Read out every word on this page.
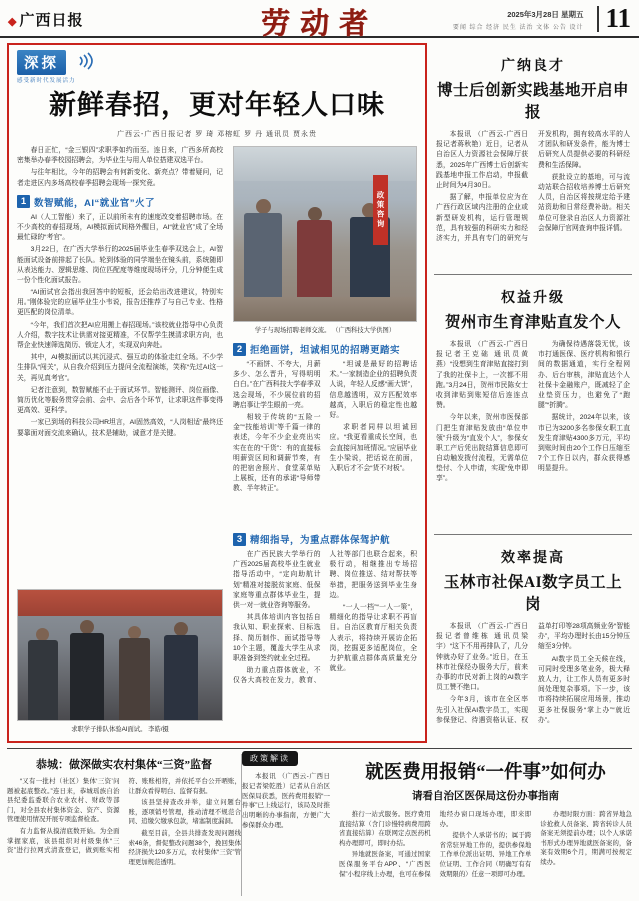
◆ 广西日报	劳动者	2025年3月28日 星期五
要闻 综合 经济 民生 法治 文体 公告 设计 11
深探
感受新时代发展活力
新鲜春招，更对年轻人口味
广西云-广西日报记者 罗 琦 邓榕虹 罗 丹 通讯员 贾永贵

春日正忙，“金三银四”求职季如约而至。连日来，广西多所高校密集举办春季校园招聘会，为毕业生与用人单位搭建双选平台。

与往年相比，今年的招聘会有何新变化、新亮点？带着疑问，记者走进区内多场高校春季招聘会现场一探究竟。

1 数智赋能，AI“就业官”火了

AI（人工智能）来了，正以前所未有的速度改变着招聘市场。在不少高校的春招现场，AI模拟面试间格外醒目，AI“就业官”成了全场最忙碌的“考官”。

3月22日，在广西大学举行的2025届毕业生春季双选会上，AI智能面试设备前排起了长队。轮到体验的同学端坐在镜头前，系统随即从表达能力、逻辑思维、岗位匹配度等维度现场评分，几分钟便生成一份个性化面试报告。

“AI面试官会指出我回答中的短板，还会给出改进建议，特别实用。”刚体验完的应届毕业生小韦说，报告还推荐了与自己专业、性格更匹配的岗位清单。

“今年，我们首次把AI应用搬上春招现场。”该校就业指导中心负责人介绍，数字技术让供需对接更精准，不仅帮学生摸清求职方向，也帮企业快速筛选简历、锁定人才，实现双向奔赴。

其中，AI模拟面试以其沉浸式、强互动的体验走红全场。不少学生排队“闯关”，从自我介绍到压力提问全流程演练，笑称“先过AI这一关，再见真考官”。

记者注意到，数智赋能不止于面试环节。智能测评、岗位画像、简历优化等服务贯穿会前、会中、会后各个环节，让求职这件事变得更高效、更科学。

一家已到场的科技公司HR坦言，AI固然高效，“人岗相适”最终还要靠面对面交流来确认，技术是辅助，诚意才是关键。

求职学子排队体验AI面试。 李皓/摄
政策咨询
学子与现场招聘老师交流。 （广西科技大学供图）
2 拒绝画饼，坦诚相见的招聘更踏实

“不画饼、不夸大，月薪多少、怎么晋升，写得明明白白。”在广西科技大学春季双选会现场，不少展位前的招聘启事让学生眼前一亮。

相较于传统的“五险一金”“技能培训”等千篇一律的表述，今年不少企业亮出实实在在的“干货”：有的直接标明薪资区间和调薪节奏，有的把宿舍照片、食堂菜单贴上展板，还有的承诺“导师带教、半年转正”。

“坦诚是最好的招聘话术。”一家制造企业的招聘负责人说，年轻人反感“画大饼”，信息越透明，双方匹配效率越高，入职后的稳定性也越好。

求职者同样以坦诚回应。“我更看重成长空间，也会直接问加班情况。”应届毕业生小梁说，把话说在前面，入职后才不会“货不对板”。

3 精细指导，为重点群体保驾护航

在广西民族大学举行的广西2025届高校毕业生就业指导活动中，“定向助航计划”精准对接脱贫家庭、低保家庭等重点群体毕业生，提供一对一就业咨询等服务。

其具体培训内容包括自我认知、职业探索、目标选择、简历制作、面试指导等10个主题，覆盖大学生从求职准备到签约就业全过程。

助力重点群体就业，不仅各大高校在发力，教育、人社等部门也联合起来，积极行动，相继推出专场招聘、岗位推送、结对帮扶等举措，把服务送到毕业生身边。

“一人一档”“一人一策”，精细化的指导让求职不再盲目。自治区教育厅相关负责人表示，将持续开展访企拓岗，挖掘更多适配岗位，全力护航重点群体高质量充分就业。

广纳良才
博士后创新实践基地开启申报

本报讯 （广西云-广西日报记者蒋秋艳）近日，记者从自治区人力资源社会保障厅获悉，2025年广西博士后创新实践基地申报工作启动，申报截止时间为4月30日。

据了解，申报单位应为在广西行政区域内注册的企业或新型研发机构，运行管理规范，具有较强的科研实力和经济实力，并具有专门的研究与开发机构，拥有较高水平的人才团队和研发条件，能为博士后研究人员提供必要的科研经费和生活保障。

获批设立的基地，可与流动站联合招收培养博士后研究人员，自治区将按规定给予建站资助和日常经费补助。相关单位可登录自治区人力资源社会保障厅官网查询申报详情。

权益升级
贺州市生育津贴直发个人

本报讯 （广西云-广西日报记者王克础 通讯员黄燕）“没想到生育津贴直接打到了我的社保卡上，一次都不用跑。”3月24日，贺州市民陈女士收到津贴到账短信后连连点赞。

今年以来，贺州市医保部门把生育津贴发放由“单位申领”升级为“直发个人”，参保女职工产后凭出院结算信息即可自动触发拨付流程，无需单位垫付、个人申请，实现“免申即享”。

为确保待遇落袋无忧，该市打通医保、医疗机构和银行间的数据通道，实行全程网办、后台审核，津贴直达个人社保卡金融账户，既减轻了企业垫资压力，也避免了“跑腿”“折腾”。

据统计，2024年以来，该市已为3200多名参保女职工直发生育津贴4300多万元，平均到账时间由20个工作日压缩至7个工作日以内，群众获得感明显提升。

效率提高
玉林市社保AI数字员工上岗

本报讯 （广西云-广西日报记者曾维栋 通讯员梁宇）“这下不用再排队了，几分钟就办好了业务。”近日，在玉林市社保经办服务大厅，前来办事的市民对新上岗的AI数字员工赞不绝口。

今年3月，该市在全区率先引入社保AI数字员工，实现参保登记、待遇资格认证、权益单打印等28项高频业务“智能办”，平均办理时长由15分钟压缩至3分钟。

AI数字员工全天候在线，可同时受理多笔业务，极大释放人力，让工作人员有更多时间处理复杂事项。下一步，该市将持续拓展应用场景，推动更多社保服务“掌上办”“就近办”。

恭城：做深做实农村集体“三资”监督

“又有一批村（社区）集体‘三资’问题被起底整改。”连日来，恭城瑶族自治县纪委监委联合农业农村、财政等部门，对全县农村集体资金、资产、资源管理使用情况开展专项监督检查。

有力监督从摸清底数开始。为全面掌握家底，该县组织对村级集体“三资”进行拉网式清查登记，做到账实相符、账账相符，并依托平台公开晒账，让群众看得明白、监督有据。

该县坚持查改并举，建立问题台账，逐项销号管理，推动清理不规范合同、追缴欠缴承包款，堵塞制度漏洞。

截至目前，全县共排查发现问题线索46条，督促整改问题38个，挽回集体经济损失120多万元，农村集体“三资”管理更加规范透明。

政策解读
本报讯 （广西云-广西日报记者梁乾胜）记者从自治区医保局获悉，医药费用报销“一件事”已上线运行，该局及时推出明晰的办事指南，方便广大参保群众办理。
就医费用报销“一件事”如何办
请看自治区医保局这份办事指南

推行一站式服务。医疗费用直接结算（含门诊慢特病费用跨省直接结算）在联网定点医药机构办理即可，即时办结。

异地就医备案，可通过国家医保服务平台APP、“广西医保”小程序线上办理，也可在参保地经办窗口现场办理，即来即办。

提供个人承诺书的；属于跨省常驻异地工作的，提供参保地工作单位派出证明、异地工作单位证明、工作合同（明确写有有效期限的）任意一项即可办理。

办理时限方面：跨省异地急诊抢救人员备案、跨省转诊人员备案无须提前办理；以个人承诺书形式办理异地就医备案的，备案有效期6个月，期满可按规定续办。
